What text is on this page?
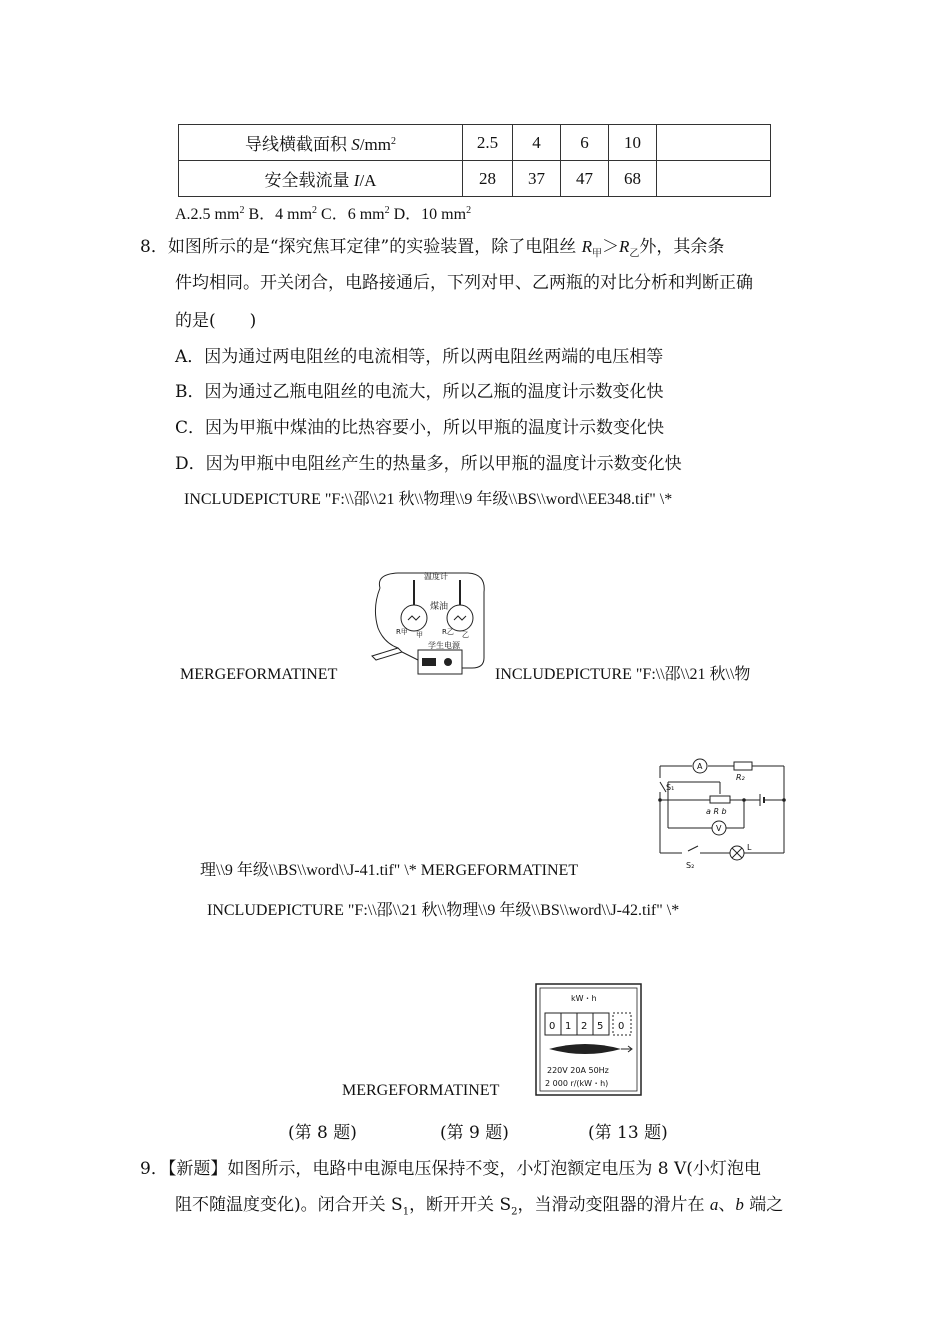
导线横截面积 $S/mm^2$	2.5	4	6	10	
安全载流量 I/A	28	37	47	68	
A.2.5 $mm^2$ B．4 $mm^2$ C．6 $mm^2$ D．10 $mm^2$
8．如图所示的是“探究焦耳定律”的实验装置，除了电阻丝 $R_甲>R_乙$外，其余条
件均相同。开关闭合，电路接通后，下列对甲、乙两瓶的对比分析和判断正确
的是(　　)
A．因为通过两电阻丝的电流相等，所以两电阻丝两端的电压相等
B．因为通过乙瓶电阻丝的电流大，所以乙瓶的温度计示数变化快
C．因为甲瓶中煤油的比热容要小，所以甲瓶的温度计示数变化快
D．因为甲瓶中电阻丝产生的热量多，所以甲瓶的温度计示数变化快
INCLUDEPICTURE "F:\\邵\\21 秋\\物理\\9 年级\\BS\\word\\EE348.tif" \*
MERGEFORMATINET	INCLUDEPICTURE "F:\\邵\\21 秋\\物
理\\9 年级\\BS\\word\\J-41.tif" \* MERGEFORMATINET
INCLUDEPICTURE "F:\\邵\\21 秋\\物理\\9 年级\\BS\\word\\J-42.tif" \*
MERGEFORMATINET
温度计
煤油
R甲 甲	R乙 乙
学生电源
A
R₂
S₁
a R b
V
L
S₂
kW・h
0 1 2 5 0
220V 20A 50Hz
2 000 r/(kW・h)
(第 8 题)	(第 9 题)	(第 13 题)
9．【新题】如图所示，电路中电源电压保持不变，小灯泡额定电压为 8 V(小灯泡电
阻不随温度变化)。闭合开关 $S_1$，断开开关 $S_2$，当滑动变阻器的滑片在 a、b 端之
